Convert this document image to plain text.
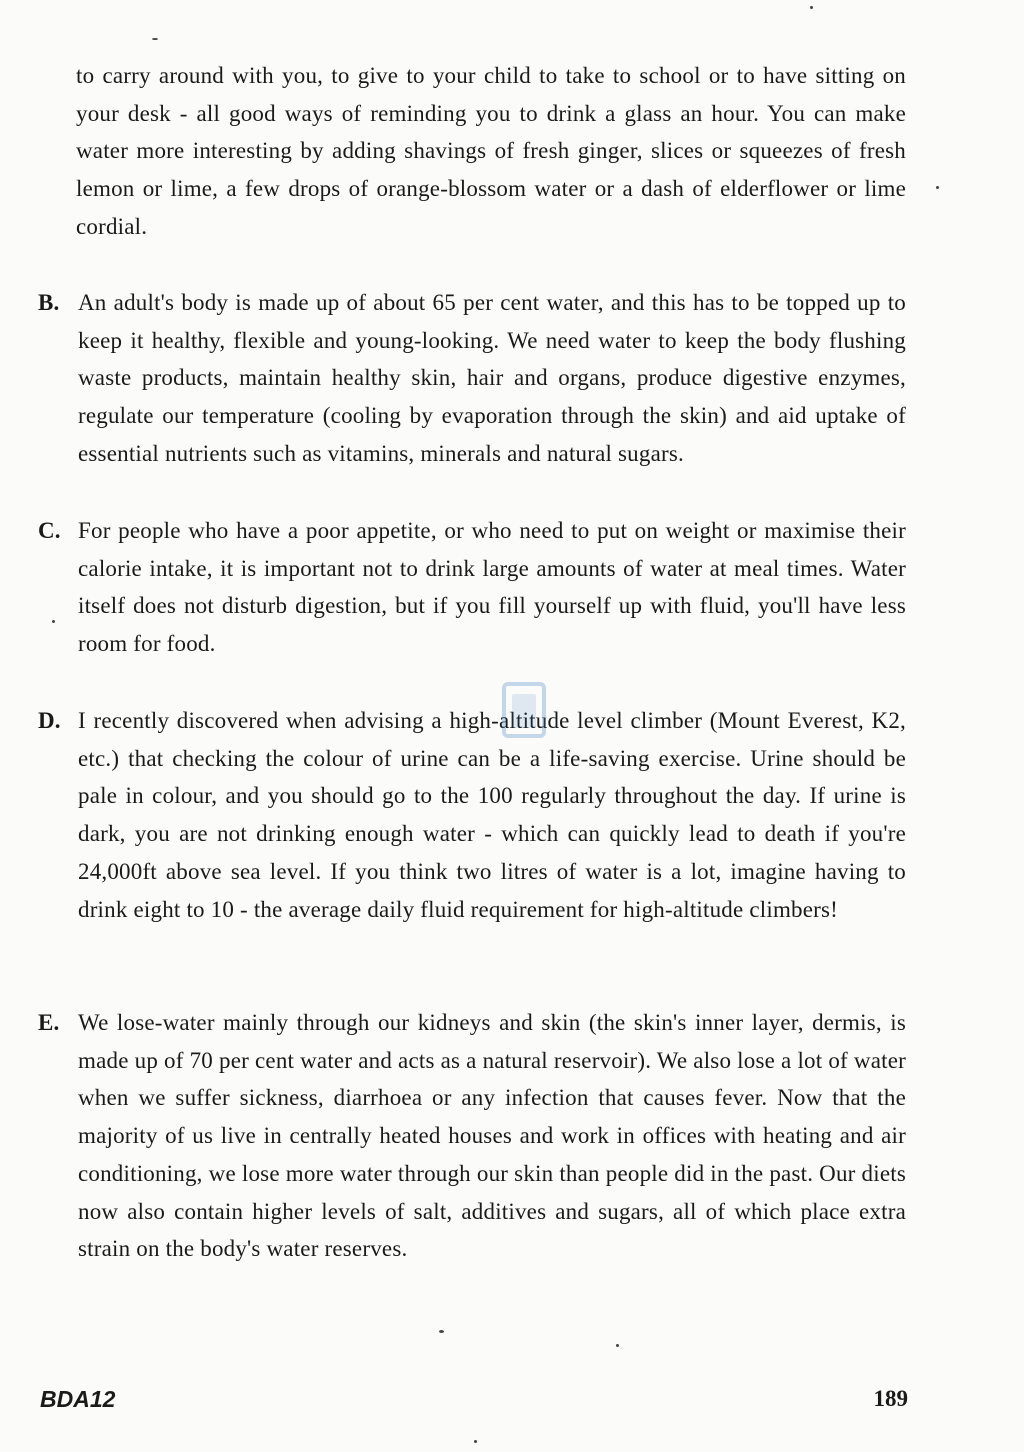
to carry around with you, to give to your child to take to school or to have sitting on your desk - all good ways of reminding you to drink a glass an hour. You can make water more interesting by adding shavings of fresh ginger, slices or squeezes of fresh lemon or lime, a few drops of orange-blossom water or a dash of elderflower or lime cordial.

B. An adult's body is made up of about 65 per cent water, and this has to be topped up to keep it healthy, flexible and young-looking. We need water to keep the body flushing waste products, maintain healthy skin, hair and organs, produce digestive enzymes, regulate our temperature (cooling by evaporation through the skin) and aid uptake of essential nutrients such as vitamins, minerals and natural sugars.
C. For people who have a poor appetite, or who need to put on weight or maximise their calorie intake, it is important not to drink large amounts of water at meal times. Water itself does not disturb digestion, but if you fill yourself up with fluid, you'll have less room for food.
D. I recently discovered when advising a high-altitude level climber (Mount Everest, K2, etc.) that checking the colour of urine can be a life-saving exercise. Urine should be pale in colour, and you should go to the 100 regularly throughout the day. If urine is dark, you are not drinking enough water - which can quickly lead to death if you're 24,000ft above sea level. If you think two litres of water is a lot, imagine having to drink eight to 10 - the average daily fluid requirement for high-altitude climbers!
E. We lose-water mainly through our kidneys and skin (the skin's inner layer, dermis, is made up of 70 per cent water and acts as a natural reservoir). We also lose a lot of water when we suffer sickness, diarrhoea or any infection that causes fever. Now that the majority of us live in centrally heated houses and work in offices with heating and air conditioning, we lose more water through our skin than people did in the past. Our diets now also contain higher levels of salt, additives and sugars, all of which place extra strain on the body's water reserves.
BDA12	189
